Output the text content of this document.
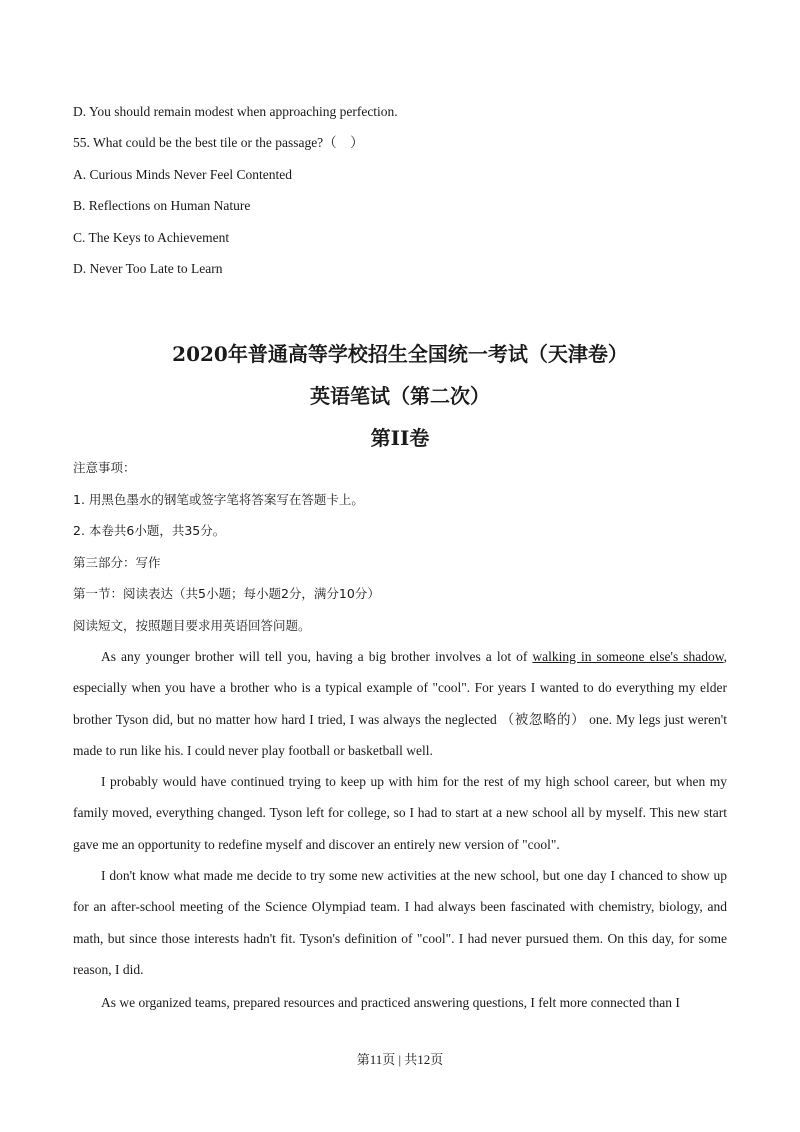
D. You should remain modest when approaching perfection.
55. What could be the best tile or the passage?（　）
A. Curious Minds Never Feel Contented
B. Reflections on Human Nature
C. The Keys to Achievement
D. Never Too Late to Learn
2020年普通高等学校招生全国统一考试（天津卷）
英语笔试（第二次）
第II卷
注意事项：
1. 用黑色墨水的钢笔或签字笔将答案写在答题卡上。
2. 本卷共6小题，共35分。
第三部分：写作
第一节：阅读表达（共5小题；每小题2分，满分10分）
阅读短文，按照题目要求用英语回答问题。
As any younger brother will tell you, having a big brother involves a lot of walking in someone else's shadow, especially when you have a brother who is a typical example of "cool". For years I wanted to do everything my elder brother Tyson did, but no matter how hard I tried, I was always the neglected （被忽略的） one. My legs just weren't made to run like his. I could never play football or basketball well.
I probably would have continued trying to keep up with him for the rest of my high school career, but when my family moved, everything changed. Tyson left for college, so I had to start at a new school all by myself. This new start gave me an opportunity to redefine myself and discover an entirely new version of "cool".
I don't know what made me decide to try some new activities at the new school, but one day I chanced to show up for an after-school meeting of the Science Olympiad team. I had always been fascinated with chemistry, biology, and math, but since those interests hadn't fit. Tyson's definition of "cool". I had never pursued them. On this day, for some reason, I did.
As we organized teams, prepared resources and practiced answering questions, I felt more connected than I
第11页 | 共12页
